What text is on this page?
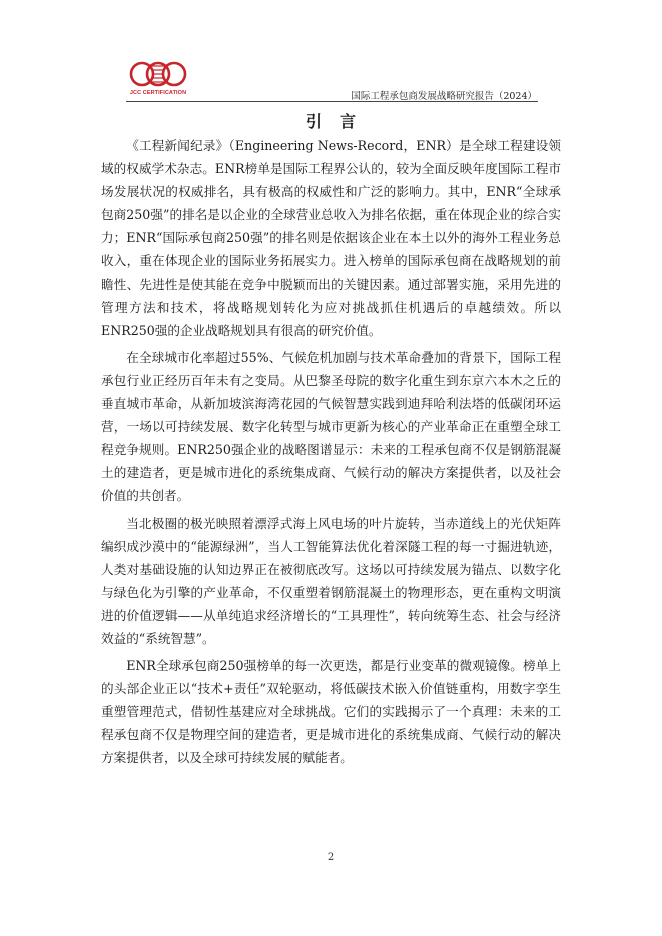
JCC CERTIFICATION	国际工程承包商发展战略研究报告（2024）
引言

《工程新闻纪录》（Engineering News-Record，ENR）是全球工程建设领域的权威学术杂志。ENR榜单是国际工程界公认的，较为全面反映年度国际工程市场发展状况的权威排名，具有极高的权威性和广泛的影响力。其中，ENR“全球承包商250强”的排名是以企业的全球营业总收入为排名依据，重在体现企业的综合实力；ENR“国际承包商250强”的排名则是依据该企业在本土以外的海外工程业务总收入，重在体现企业的国际业务拓展实力。进入榜单的国际承包商在战略规划的前瞻性、先进性是使其能在竞争中脱颖而出的关键因素。通过部署实施，采用先进的管理方法和技术，将战略规划转化为应对挑战抓住机遇后的卓越绩效。所以ENR250强的企业战略规划具有很高的研究价值。

在全球城市化率超过55%、气候危机加剧与技术革命叠加的背景下，国际工程承包行业正经历百年未有之变局。从巴黎圣母院的数字化重生到东京六本木之丘的垂直城市革命，从新加坡滨海湾花园的气候智慧实践到迪拜哈利法塔的低碳闭环运营，一场以可持续发展、数字化转型与城市更新为核心的产业革命正在重塑全球工程竞争规则。ENR250强企业的战略图谱显示：未来的工程承包商不仅是钢筋混凝土的建造者，更是城市进化的系统集成商、气候行动的解决方案提供者，以及社会价值的共创者。

当北极圈的极光映照着漂浮式海上风电场的叶片旋转，当赤道线上的光伏矩阵编织成沙漠中的“能源绿洲”，当人工智能算法优化着深隧工程的每一寸掘进轨迹，人类对基础设施的认知边界正在被彻底改写。这场以可持续发展为锚点、以数字化与绿色化为引擎的产业革命，不仅重塑着钢筋混凝土的物理形态，更在重构文明演进的价值逻辑——从单纯追求经济增长的“工具理性”，转向统筹生态、社会与经济效益的“系统智慧”。

ENR全球承包商250强榜单的每一次更迭，都是行业变革的微观镜像。榜单上的头部企业正以“技术+责任”双轮驱动，将低碳技术嵌入价值链重构，用数字孪生重塑管理范式，借韧性基建应对全球挑战。它们的实践揭示了一个真理：未来的工程承包商不仅是物理空间的建造者，更是城市进化的系统集成商、气候行动的解决方案提供者，以及全球可持续发展的赋能者。

2
